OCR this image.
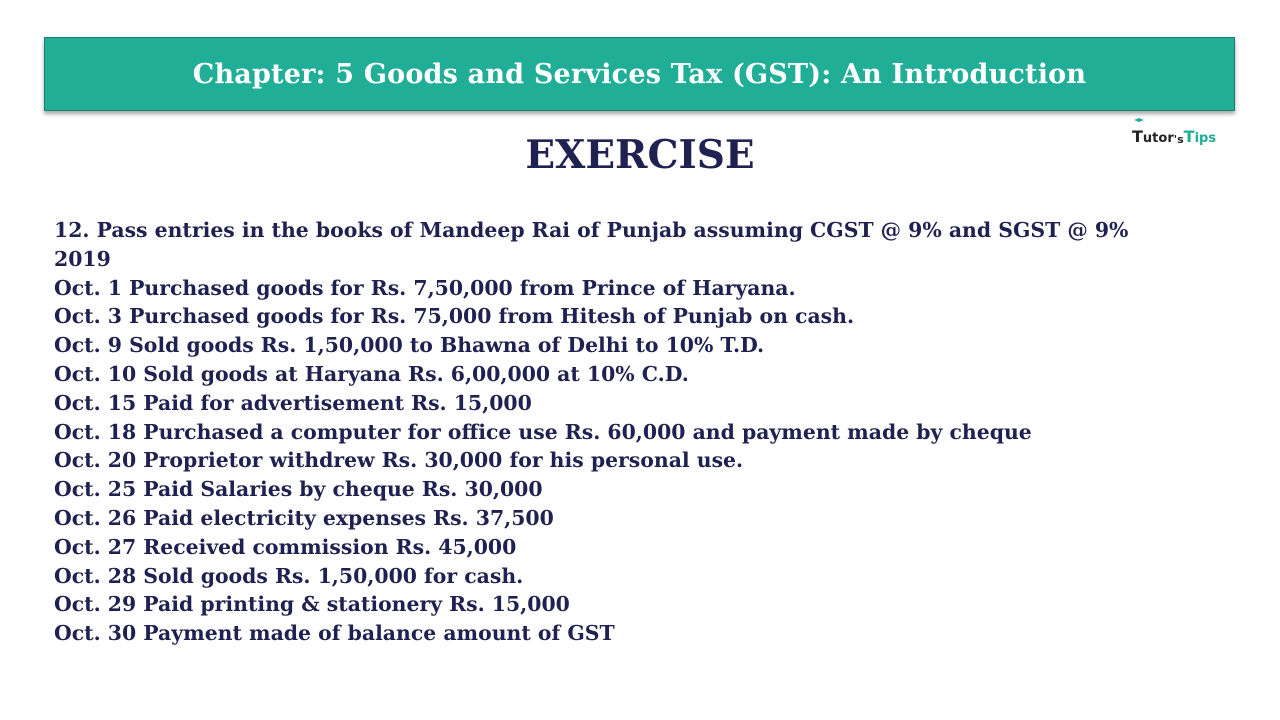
Chapter: 5 Goods and Services Tax (GST): An Introduction
T utor 's T ips
EXERCISE
12. Pass entries in the books of Mandeep Rai of Punjab assuming CGST @ 9% and SGST @ 9%
2019
Oct. 1 Purchased goods for Rs. 7,50,000 from Prince of Haryana.
Oct. 3 Purchased goods for Rs. 75,000 from Hitesh of Punjab on cash.
Oct. 9 Sold goods Rs. 1,50,000 to Bhawna of Delhi to 10% T.D.
Oct. 10 Sold goods at Haryana Rs. 6,00,000 at 10% C.D.
Oct. 15 Paid for advertisement Rs. 15,000
Oct. 18 Purchased a computer for office use Rs. 60,000 and payment made by cheque
Oct. 20 Proprietor withdrew Rs. 30,000 for his personal use.
Oct. 25 Paid Salaries by cheque Rs. 30,000
Oct. 26 Paid electricity expenses Rs. 37,500
Oct. 27 Received commission Rs. 45,000
Oct. 28 Sold goods Rs. 1,50,000 for cash.
Oct. 29 Paid printing & stationery Rs. 15,000
Oct. 30 Payment made of balance amount of GST
